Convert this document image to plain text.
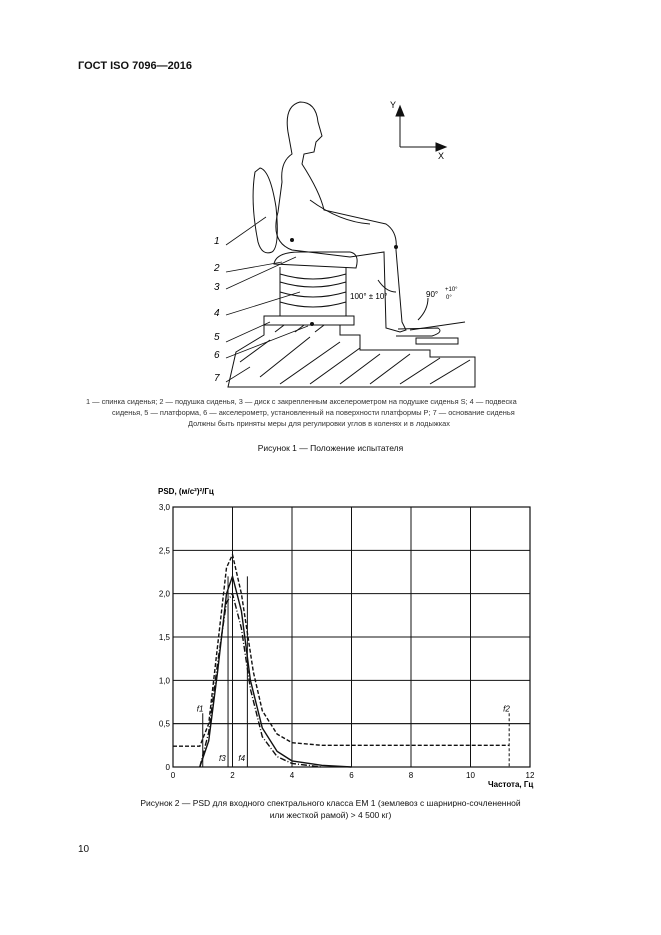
ГОСТ ISO 7096—2016
Y
X
100° ± 10°	90° +10°
0°
1
2
3
4
5
6
7
1 — спинка сиденья; 2 — подушка сиденья, 3 — диск с закрепленным акселерометром на подушке сиденья S; 4 — подвеска
сиденья, 5 — платформа, 6 — акселерометр, установленный на поверхности платформы P; 7 — основание сиденья
Должны быть приняты меры для регулировки углов в коленях и в лодыжках
Рисунок 1 — Положение испытателя
0	2	4	6	8	10	12
0
0,5
1,0
1,5
2,0
2,5
3,0
f1	f2
f3 f4
PSD, (м/с²)²/Гц
Частота, Гц
Рисунок 2 — PSD для входного спектрального класса EM 1 (землевоз с шарнирно-сочлененной
или жесткой рамой) > 4 500 кг)
10
